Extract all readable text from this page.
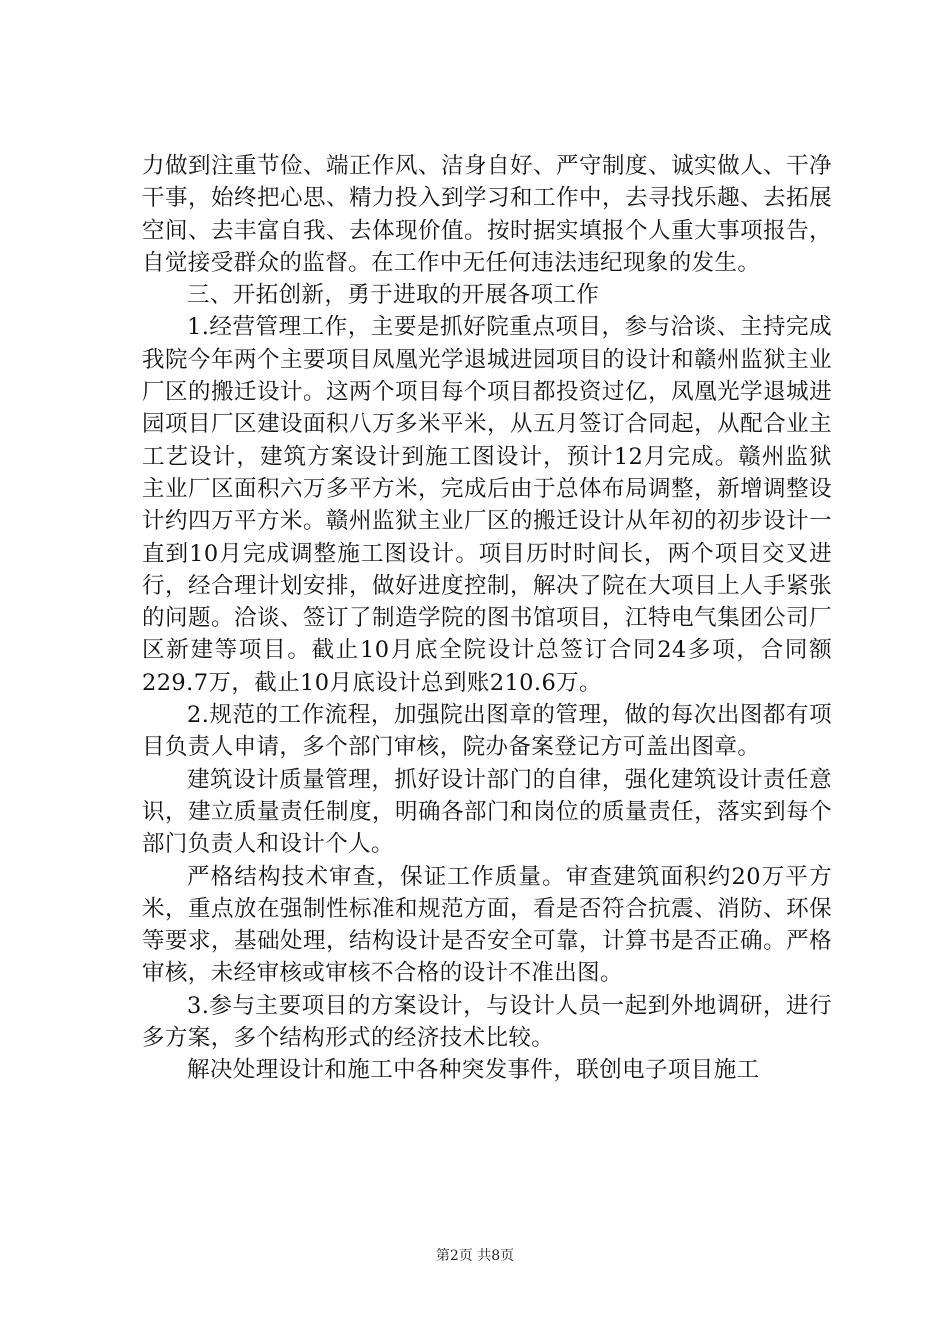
力做到注重节俭、端正作风、洁身自好、严守制度、诚实做人、干净干事，始终把心思、精力投入到学习和工作中，去寻找乐趣、去拓展空间、去丰富自我、去体现价值。按时据实填报个人重大事项报告，自觉接受群众的监督。在工作中无任何违法违纪现象的发生。

三、开拓创新，勇于进取的开展各项工作

1.经营管理工作，主要是抓好院重点项目，参与洽谈、主持完成我院今年两个主要项目凤凰光学退城进园项目的设计和赣州监狱主业厂区的搬迁设计。这两个项目每个项目都投资过亿，凤凰光学退城进园项目厂区建设面积八万多米平米，从五月签订合同起，从配合业主工艺设计，建筑方案设计到施工图设计，预计12月完成。赣州监狱主业厂区面积六万多平方米，完成后由于总体布局调整，新增调整设计约四万平方米。赣州监狱主业厂区的搬迁设计从年初的初步设计一直到10月完成调整施工图设计。项目历时时间长，两个项目交叉进行，经合理计划安排，做好进度控制，解决了院在大项目上人手紧张的问题。洽谈、签订了制造学院的图书馆项目，江特电气集团公司厂区新建等项目。截止10月底全院设计总签订合同24多项，合同额229.7万，截止10月底设计总到账210.6万。

2.规范的工作流程，加强院出图章的管理，做的每次出图都有项目负责人申请，多个部门审核，院办备案登记方可盖出图章。

建筑设计质量管理，抓好设计部门的自律，强化建筑设计责任意识，建立质量责任制度，明确各部门和岗位的质量责任，落实到每个部门负责人和设计个人。

严格结构技术审查，保证工作质量。审查建筑面积约20万平方米，重点放在强制性标准和规范方面，看是否符合抗震、消防、环保等要求，基础处理，结构设计是否安全可靠，计算书是否正确。严格审核，未经审核或审核不合格的设计不准出图。

3.参与主要项目的方案设计，与设计人员一起到外地调研，进行多方案，多个结构形式的经济技术比较。

解决处理设计和施工中各种突发事件，联创电子项目施工

第2页 共8页
